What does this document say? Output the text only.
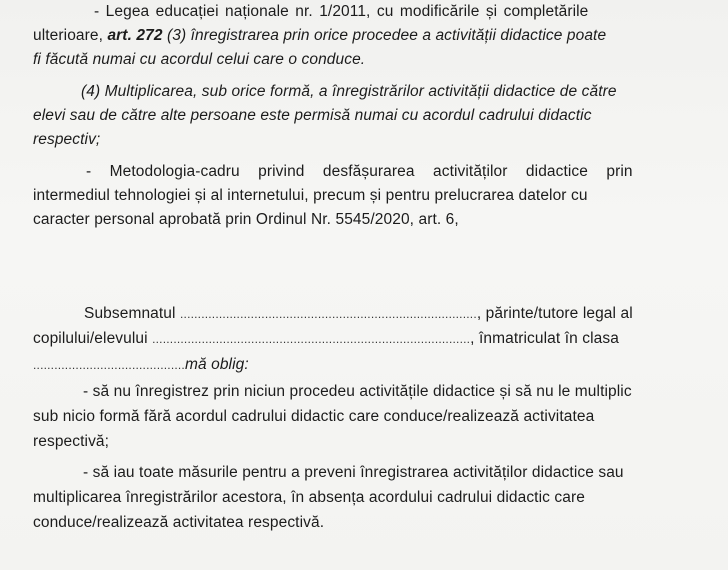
- Legea educației naționale nr. 1/2011, cu modificările și completările
ulterioare, art. 272 (3) înregistrarea prin orice procedee a activității didactice poate
fi făcută numai cu acordul celui care o conduce.
(4) Multiplicarea, sub orice formă, a înregistrărilor activității didactice de către
elevi sau de către alte persoane este permisă numai cu acordul cadrului didactic
respectiv;
- Metodologia-cadru privind desfășurarea activităților didactice prin
intermediul tehnologiei și al internetului, precum și pentru prelucrarea datelor cu
caracter personal aprobată prin Ordinul Nr. 5545/2020, art. 6,
Subsemnatul ...................................................................................., părinte/tutore legal al
copilului/elevului .........................................................................................., înmatriculat în clasa
...........................................mă oblig:
- să nu înregistrez prin niciun procedeu activitățile didactice și să nu le multiplic
sub nicio formă fără acordul cadrului didactic care conduce/realizează activitatea
respectivă;
- să iau toate măsurile pentru a preveni înregistrarea activităților didactice sau
multiplicarea înregistrărilor acestora, în absența acordului cadrului didactic care
conduce/realizează activitatea respectivă.
